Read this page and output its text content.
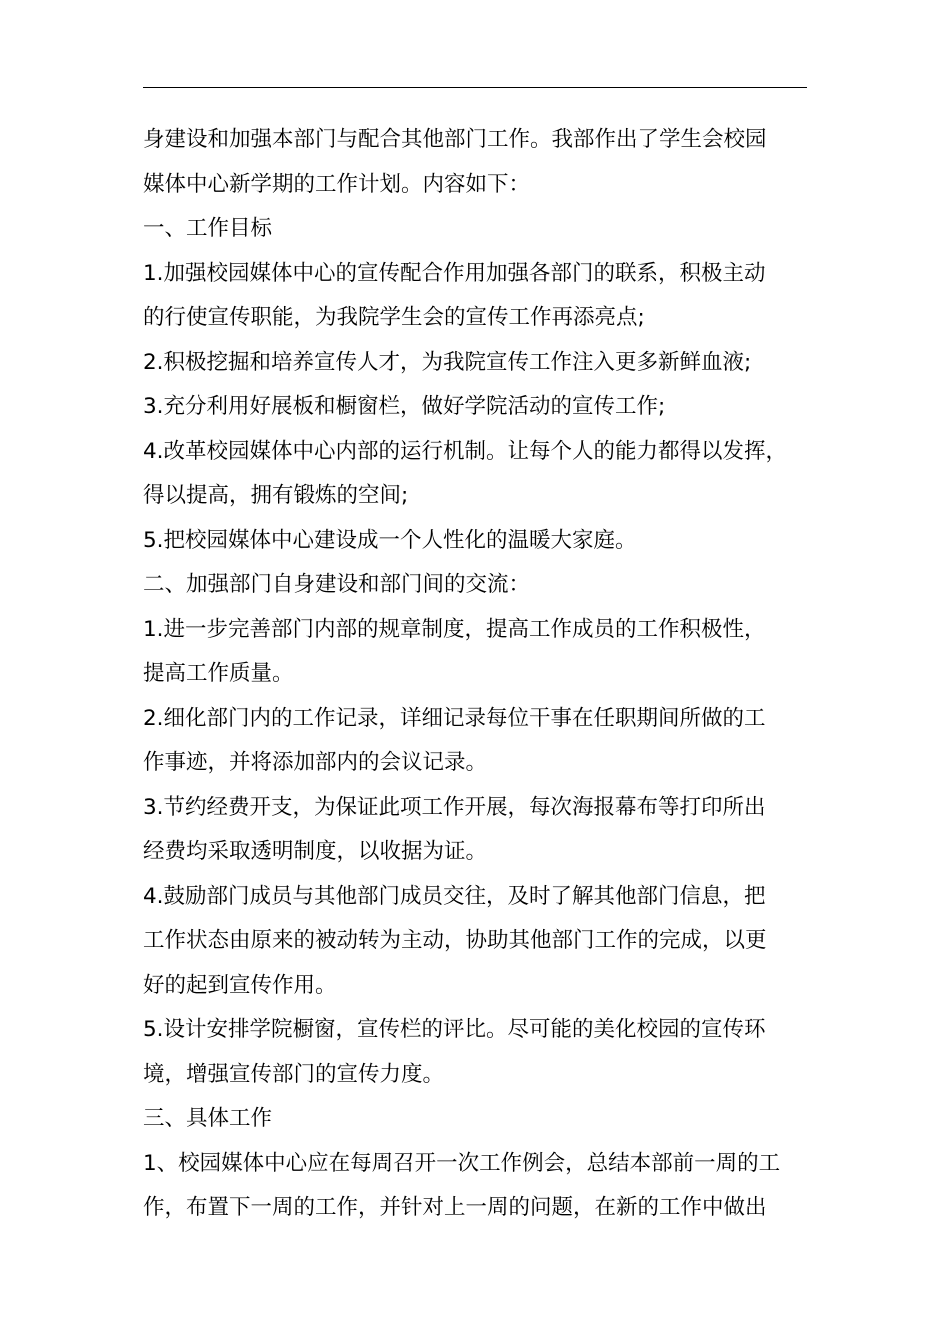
身建设和加强本部门与配合其他部门工作。我部作出了学生会校园
媒体中心新学期的工作计划。内容如下：
一、工作目标
1.加强校园媒体中心的宣传配合作用加强各部门的联系，积极主动
的行使宣传职能，为我院学生会的宣传工作再添亮点;
2.积极挖掘和培养宣传人才，为我院宣传工作注入更多新鲜血液;
3.充分利用好展板和橱窗栏，做好学院活动的宣传工作;
4.改革校园媒体中心内部的运行机制。让每个人的能力都得以发挥，
得以提高，拥有锻炼的空间;
5.把校园媒体中心建设成一个人性化的温暖大家庭。
二、加强部门自身建设和部门间的交流：
1.进一步完善部门内部的规章制度，提高工作成员的工作积极性，
提高工作质量。
2.细化部门内的工作记录，详细记录每位干事在任职期间所做的工
作事迹，并将添加部内的会议记录。
3.节约经费开支，为保证此项工作开展，每次海报幕布等打印所出
经费均采取透明制度，以收据为证。
4.鼓励部门成员与其他部门成员交往，及时了解其他部门信息，把
工作状态由原来的被动转为主动，协助其他部门工作的完成，以更
好的起到宣传作用。
5.设计安排学院橱窗，宣传栏的评比。尽可能的美化校园的宣传环
境，增强宣传部门的宣传力度。
三、具体工作
1、校园媒体中心应在每周召开一次工作例会，总结本部前一周的工
作，布置下一周的工作，并针对上一周的问题，在新的工作中做出
